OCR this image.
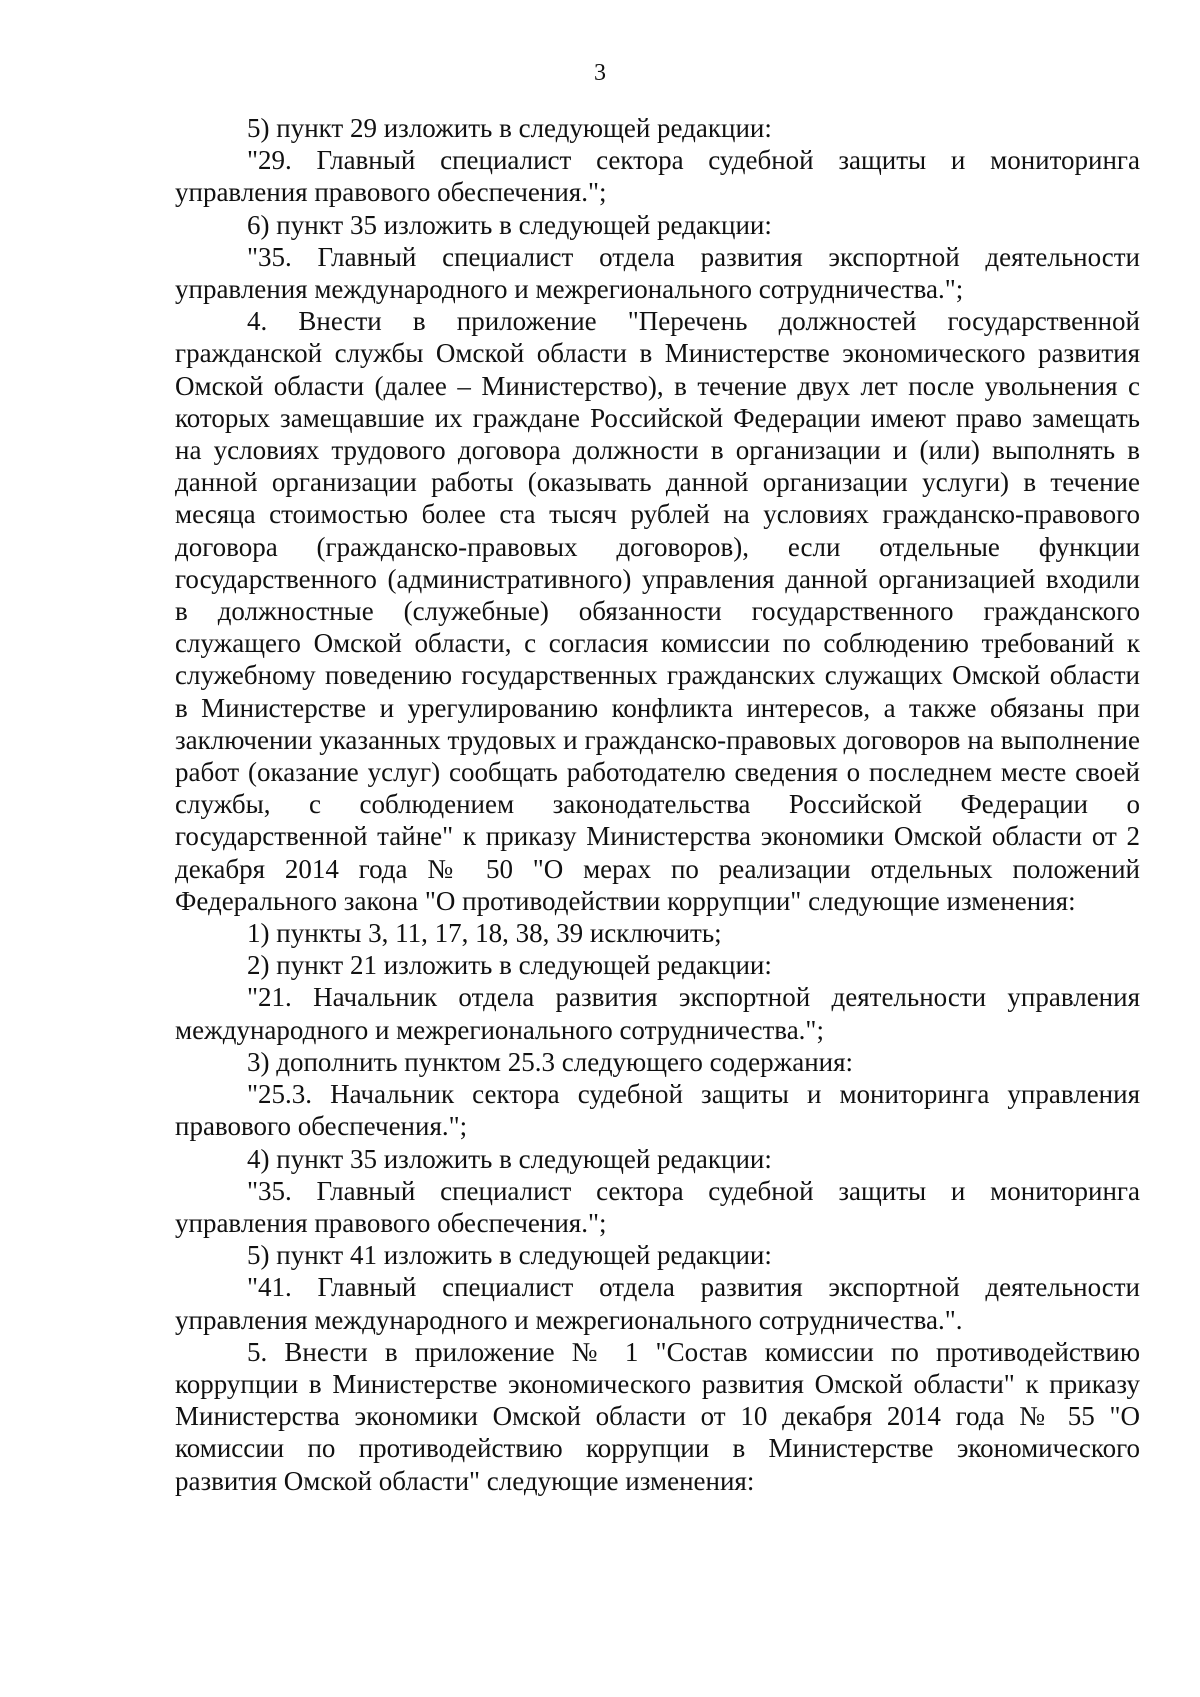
3

5) пункт 29 изложить в следующей редакции:

"29. Главный специалист сектора судебной защиты и мониторинга управления правового обеспечения.";

6) пункт 35 изложить в следующей редакции:

"35. Главный специалист отдела развития экспортной деятельности управления международного и межрегионального сотрудничества.";

4. Внести в приложение "Перечень должностей государственной гражданской службы Омской области в Министерстве экономического развития Омской области (далее – Министерство), в течение двух лет после увольнения с которых замещавшие их граждане Российской Федерации имеют право замещать на условиях трудового договора должности в организации и (или) выполнять в данной организации работы (оказывать данной организации услуги) в течение месяца стоимостью более ста тысяч рублей на условиях гражданско-правового договора (гражданско-правовых договоров), если отдельные функции государственного (административного) управления данной организацией входили в должностные (служебные) обязанности государственного гражданского служащего Омской области, с согласия комиссии по соблюдению требований к служебному поведению государственных гражданских служащих Омской области в Министерстве и урегулированию конфликта интересов, а также обязаны при заключении указанных трудовых и гражданско-правовых договоров на выполнение работ (оказание услуг) сообщать работодателю сведения о последнем месте своей службы, с соблюдением законодательства Российской Федерации о государственной тайне" к приказу Министерства экономики Омской области от 2 декабря 2014 года № 50 "О мерах по реализации отдельных положений Федерального закона "О противодействии коррупции" следующие изменения:

1) пункты 3, 11, 17, 18, 38, 39 исключить;

2) пункт 21 изложить в следующей редакции:

"21. Начальник отдела развития экспортной деятельности управления международного и межрегионального сотрудничества.";

3) дополнить пунктом 25.3 следующего содержания:

"25.3. Начальник сектора судебной защиты и мониторинга управления правового обеспечения.";

4) пункт 35 изложить в следующей редакции:

"35. Главный специалист сектора судебной защиты и мониторинга управления правового обеспечения.";

5) пункт 41 изложить в следующей редакции:

"41. Главный специалист отдела развития экспортной деятельности управления международного и межрегионального сотрудничества.".

5. Внести в приложение № 1 "Состав комиссии по противодействию коррупции в Министерстве экономического развития Омской области" к приказу Министерства экономики Омской области от 10 декабря 2014 года № 55 "О комиссии по противодействию коррупции в Министерстве экономического развития Омской области" следующие изменения:
